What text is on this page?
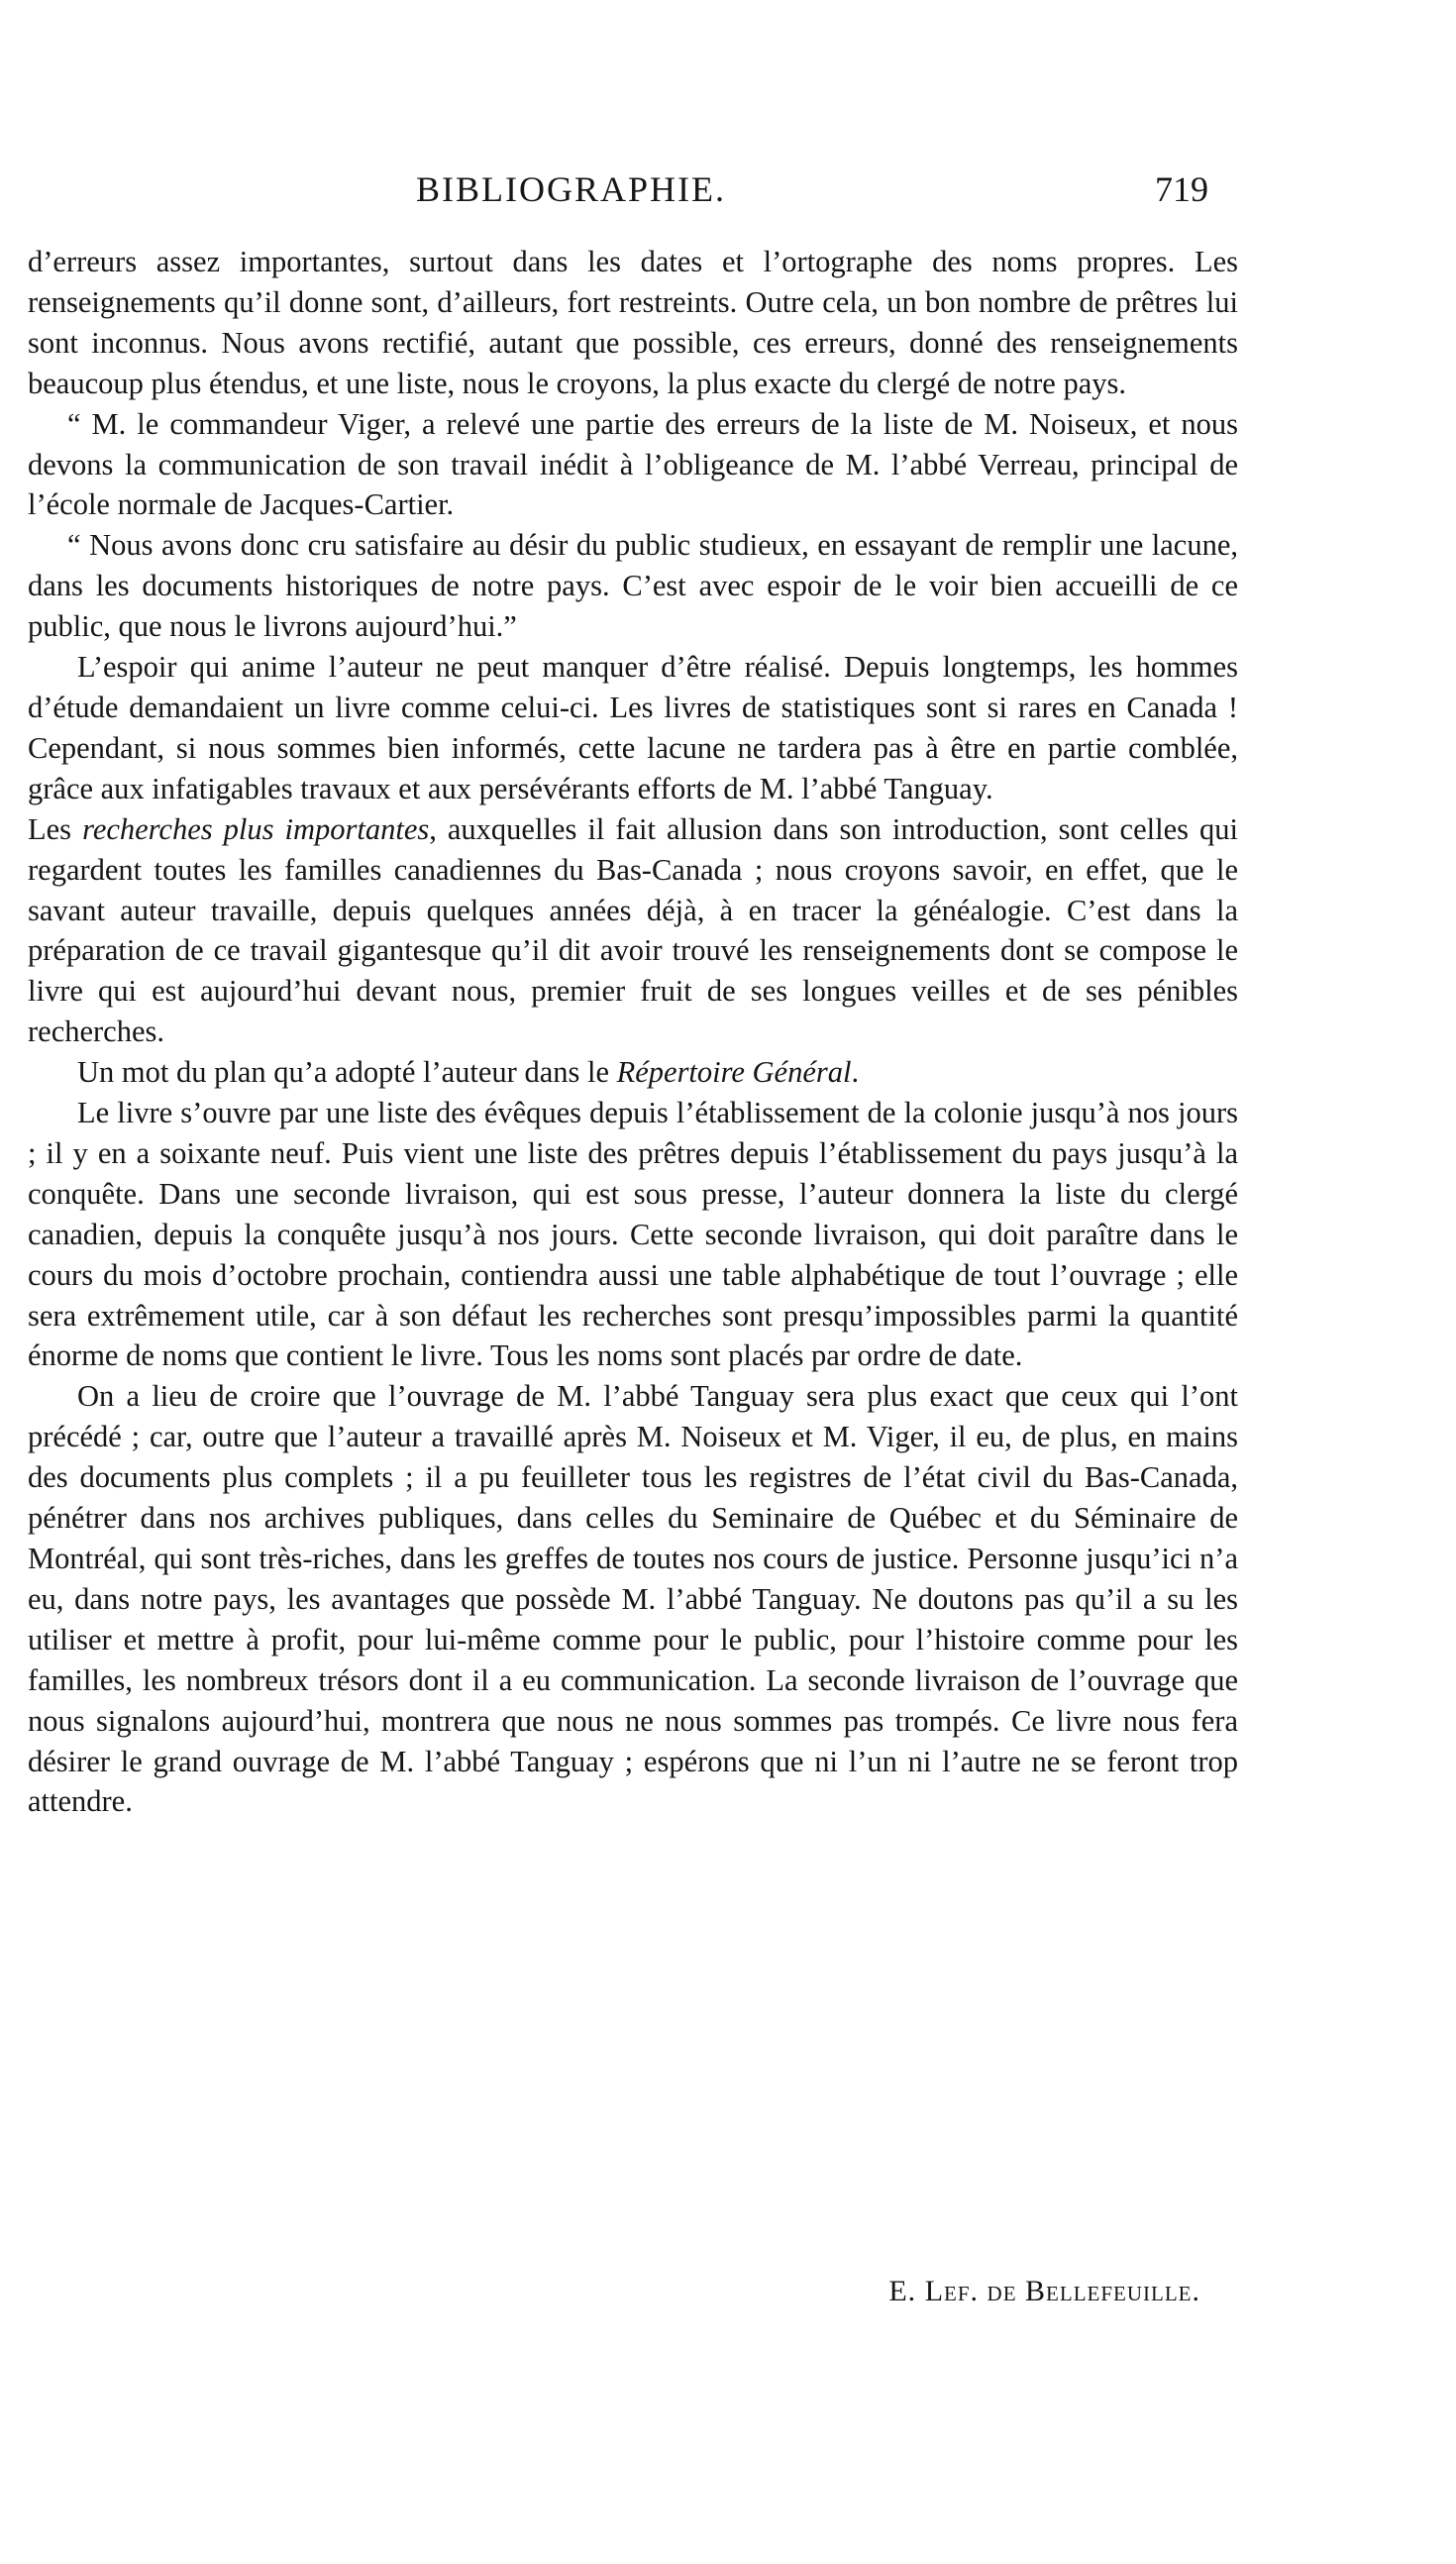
BIBLIOGRAPHIE.	719

d’erreurs assez importantes, surtout dans les dates et l’ortographe des noms propres. Les renseignements qu’il donne sont, d’ailleurs, fort restreints. Outre cela, un bon nombre de prêtres lui sont inconnus. Nous avons rectifié, autant que possible, ces erreurs, donné des renseignements beaucoup plus étendus, et une liste, nous le croyons, la plus exacte du clergé de notre pays.

“ M. le commandeur Viger, a relevé une partie des erreurs de la liste de M. Noiseux, et nous devons la communication de son travail inédit à l’obligeance de M. l’abbé Verreau, principal de l’école normale de Jacques-Cartier.

“ Nous avons donc cru satisfaire au désir du public studieux, en essayant de remplir une lacune, dans les documents historiques de notre pays. C’est avec espoir de le voir bien accueilli de ce public, que nous le livrons aujourd’hui.”

L’espoir qui anime l’auteur ne peut manquer d’être réalisé. Depuis longtemps, les hommes d’étude demandaient un livre comme celui-ci. Les livres de statistiques sont si rares en Canada ! Cependant, si nous sommes bien informés, cette lacune ne tardera pas à être en partie comblée, grâce aux infatigables travaux et aux persévérants efforts de M. l’abbé Tanguay.

Les recherches plus importantes, auxquelles il fait allusion dans son introduction, sont celles qui regardent toutes les familles canadiennes du Bas-Canada ; nous croyons savoir, en effet, que le savant auteur travaille, depuis quelques années déjà, à en tracer la généalogie. C’est dans la préparation de ce travail gigantesque qu’il dit avoir trouvé les renseignements dont se compose le livre qui est aujourd’hui devant nous, premier fruit de ses longues veilles et de ses pénibles recherches.

Un mot du plan qu’a adopté l’auteur dans le Répertoire Général.

Le livre s’ouvre par une liste des évêques depuis l’établissement de la colonie jusqu’à nos jours ; il y en a soixante neuf. Puis vient une liste des prêtres depuis l’établissement du pays jusqu’à la conquête. Dans une seconde livraison, qui est sous presse, l’auteur donnera la liste du clergé canadien, depuis la conquête jusqu’à nos jours. Cette seconde livraison, qui doit paraître dans le cours du mois d’octobre prochain, contiendra aussi une table alphabétique de tout l’ouvrage ; elle sera extrêmement utile, car à son défaut les recherches sont presqu’impossibles parmi la quantité énorme de noms que contient le livre. Tous les noms sont placés par ordre de date.

On a lieu de croire que l’ouvrage de M. l’abbé Tanguay sera plus exact que ceux qui l’ont précédé ; car, outre que l’auteur a travaillé après M. Noiseux et M. Viger, il eu, de plus, en mains des documents plus complets ; il a pu feuilleter tous les registres de l’état civil du Bas-Canada, pénétrer dans nos archives publiques, dans celles du Seminaire de Québec et du Séminaire de Montréal, qui sont très-riches, dans les greffes de toutes nos cours de justice. Personne jusqu’ici n’a eu, dans notre pays, les avantages que possède M. l’abbé Tanguay. Ne doutons pas qu’il a su les utiliser et mettre à profit, pour lui-même comme pour le public, pour l’histoire comme pour les familles, les nombreux trésors dont il a eu communication. La seconde livraison de l’ouvrage que nous signalons aujourd’hui, montrera que nous ne nous sommes pas trompés. Ce livre nous fera désirer le grand ouvrage de M. l’abbé Tanguay ; espérons que ni l’un ni l’autre ne se feront trop attendre.

E. Lef. de Bellefeuille.
